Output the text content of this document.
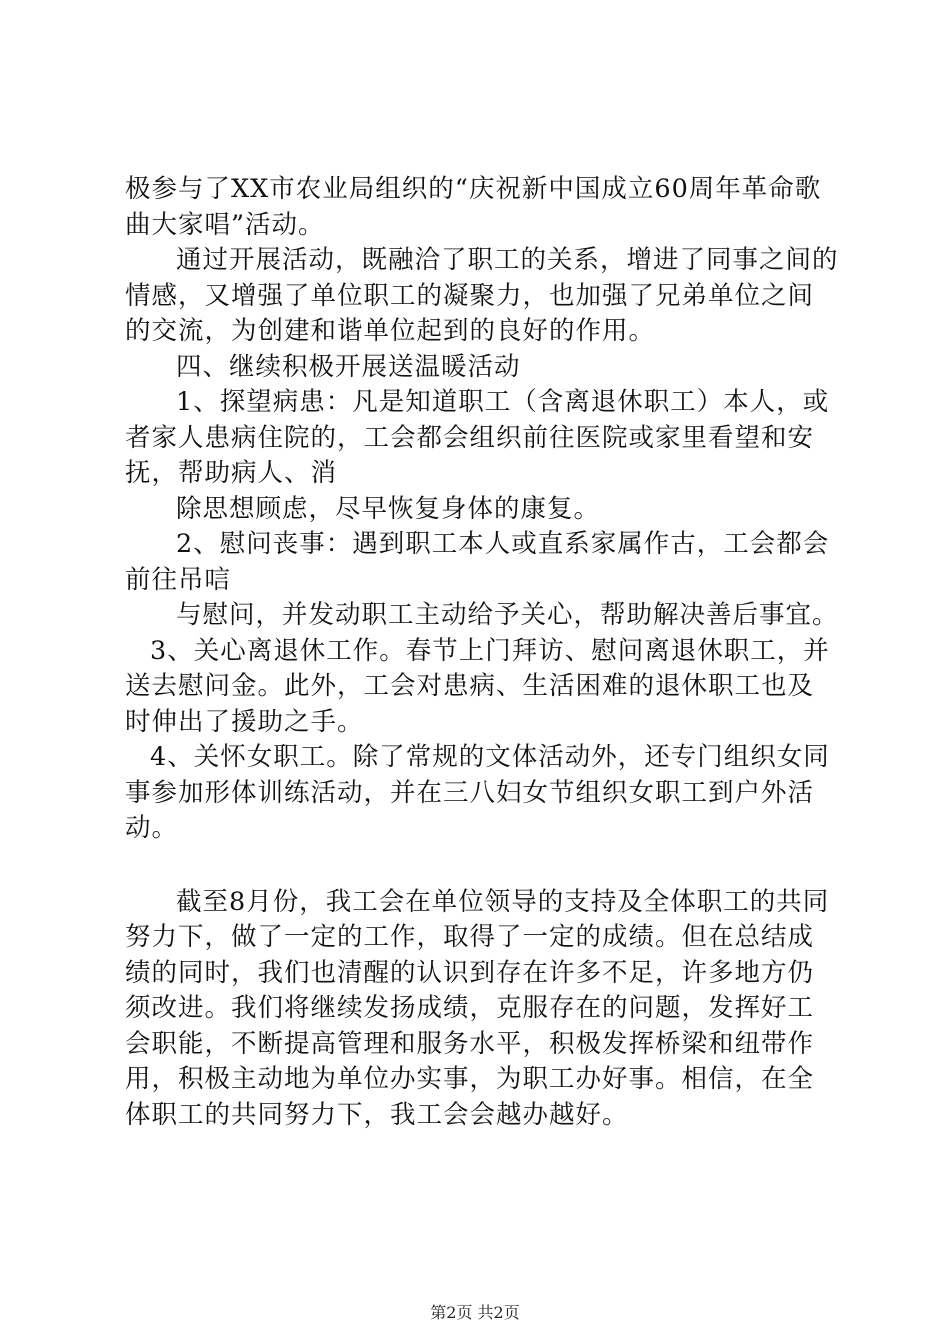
极参与了XX市农业局组织的“庆祝新中国成立60周年革命歌曲大家唱”活动。

通过开展活动，既融洽了职工的关系，增进了同事之间的情感，又增强了单位职工的凝聚力，也加强了兄弟单位之间的交流，为创建和谐单位起到的良好的作用。

四、继续积极开展送温暖活动

1、探望病患：凡是知道职工（含离退休职工）本人，或者家人患病住院的，工会都会组织前往医院或家里看望和安抚，帮助病人、消

除思想顾虑，尽早恢复身体的康复。

2、慰问丧事：遇到职工本人或直系家属作古，工会都会前往吊唁

与慰问，并发动职工主动给予关心，帮助解决善后事宜。

3、关心离退休工作。春节上门拜访、慰问离退休职工，并送去慰问金。此外，工会对患病、生活困难的退休职工也及时伸出了援助之手。

4、关怀女职工。除了常规的文体活动外，还专门组织女同事参加形体训练活动，并在三八妇女节组织女职工到户外活动。

截至8月份，我工会在单位领导的支持及全体职工的共同努力下，做了一定的工作，取得了一定的成绩。但在总结成绩的同时，我们也清醒的认识到存在许多不足，许多地方仍须改进。我们将继续发扬成绩，克服存在的问题，发挥好工会职能，不断提高管理和服务水平，积极发挥桥梁和纽带作用，积极主动地为单位办实事，为职工办好事。相信，在全体职工的共同努力下，我工会会越办越好。

第2页 共2页
